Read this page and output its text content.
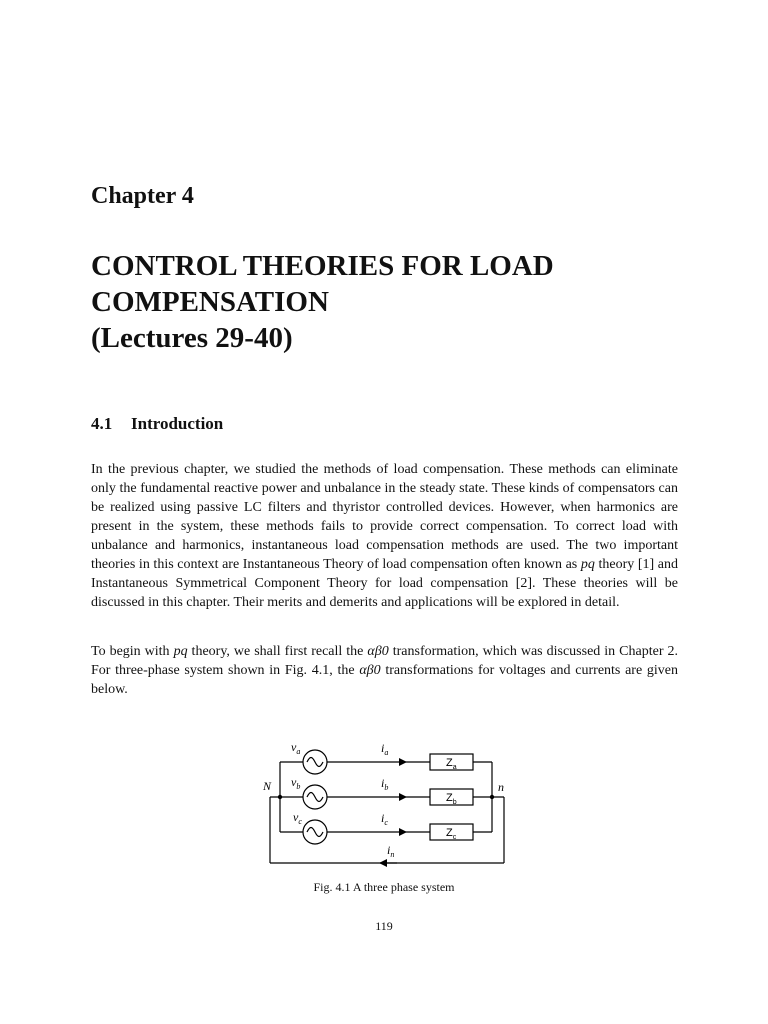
Chapter 4
CONTROL THEORIES FOR LOAD
COMPENSATION
(Lectures 29-40)
4.1 Introduction

In the previous chapter, we studied the methods of load compensation. These methods can eliminate only the fundamental reactive power and unbalance in the steady state. These kinds of compensators can be realized using passive LC filters and thyristor controlled devices. However, when harmonics are present in the system, these methods fails to provide correct compensation. To correct load with unbalance and harmonics, instantaneous load compensation methods are used. The two important theories in this context are Instantaneous Theory of load compensation often known as pq theory [1] and Instantaneous Symmetrical Component Theory for load compensation [2]. These theories will be discussed in this chapter. Their merits and demerits and applications will be explored in detail.

To begin with pq theory, we shall first recall the αβ0 transformation, which was discussed in Chapter 2. For three-phase system shown in Fig. 4.1, the αβ0 transformations for voltages and currents are given below.

$v_a$
$v_b$
$v_c$
$i_a$
$i_b$
$i_c$
$i_n$
N	n
$Z_a$
$Z_b$
$Z_c$

Fig. 4.1 A three phase system

119
